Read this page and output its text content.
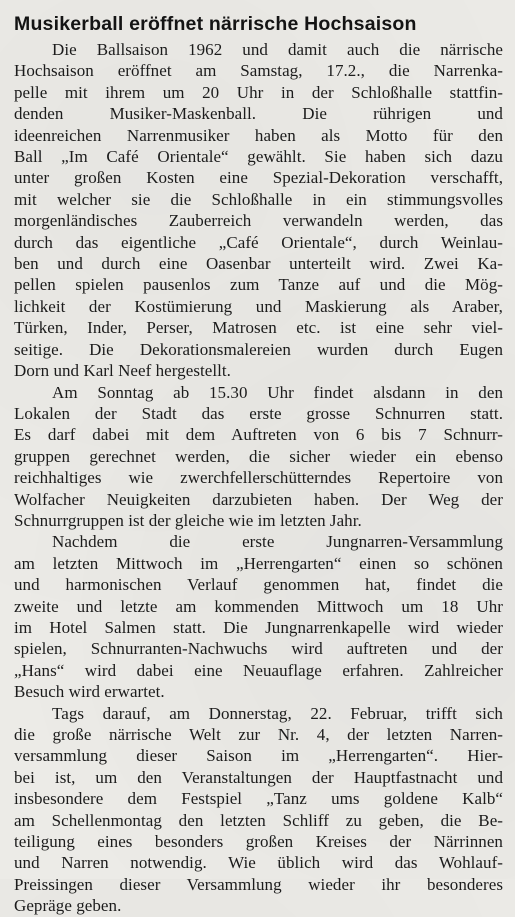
Musikerball eröffnet närrische Hochsaison

Die Ballsaison 1962 und damit auch die närrische
Hochsaison eröffnet am Samstag, 17.2., die Narrenka-
pelle mit ihrem um 20 Uhr in der Schloßhalle stattfin-
denden Musiker-Maskenball. Die rührigen und
ideenreichen Narrenmusiker haben als Motto für den
Ball „Im Café Orientale“ gewählt. Sie haben sich dazu
unter großen Kosten eine Spezial-Dekoration verschafft,
mit welcher sie die Schloßhalle in ein stimmungsvolles
morgenländisches Zauberreich verwandeln werden, das
durch das eigentliche „Café Orientale“, durch Weinlau-
ben und durch eine Oasenbar unterteilt wird. Zwei Ka-
pellen spielen pausenlos zum Tanze auf und die Mög-
lichkeit der Kostümierung und Maskierung als Araber,
Türken, Inder, Perser, Matrosen etc. ist eine sehr viel-
seitige. Die Dekorationsmalereien wurden durch Eugen
Dorn und Karl Neef hergestellt.

Am Sonntag ab 15.30 Uhr findet alsdann in den
Lokalen der Stadt das erste grosse Schnurren statt.
Es darf dabei mit dem Auftreten von 6 bis 7 Schnurr-
gruppen gerechnet werden, die sicher wieder ein ebenso
reichhaltiges wie zwerchfellerschütterndes Repertoire von
Wolfacher Neuigkeiten darzubieten haben. Der Weg der
Schnurrgruppen ist der gleiche wie im letzten Jahr.

Nachdem die erste Jungnarren-Versammlung
am letzten Mittwoch im „Herrengarten“ einen so schönen
und harmonischen Verlauf genommen hat, findet die
zweite und letzte am kommenden Mittwoch um 18 Uhr
im Hotel Salmen statt. Die Jungnarrenkapelle wird wieder
spielen, Schnurranten-Nachwuchs wird auftreten und der
„Hans“ wird dabei eine Neuauflage erfahren. Zahlreicher
Besuch wird erwartet.

Tags darauf, am Donnerstag, 22. Februar, trifft sich
die große närrische Welt zur Nr. 4, der letzten Narren-
versammlung dieser Saison im „Herrengarten“. Hier-
bei ist, um den Veranstaltungen der Hauptfastnacht und
insbesondere dem Festspiel „Tanz ums goldene Kalb“
am Schellenmontag den letzten Schliff zu geben, die Be-
teiligung eines besonders großen Kreises der Närrinnen
und Narren notwendig. Wie üblich wird das Wohlauf-
Preissingen dieser Versammlung wieder ihr besonderes
Gepräge geben.
